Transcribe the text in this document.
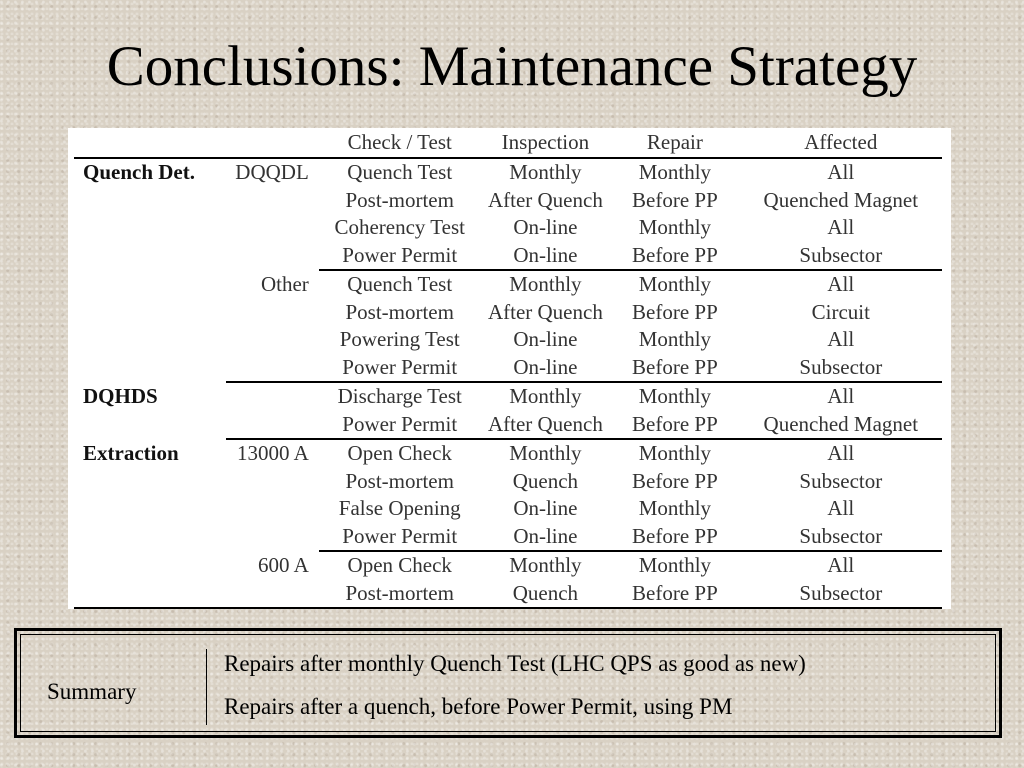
Conclusions: Maintenance Strategy
		Check / Test	Inspection	Repair	Affected
Quench Det.	DQQDL	Quench Test	Monthly	Monthly	All
		Post-mortem	After Quench	Before PP	Quenched Magnet
		Coherency Test	On-line	Monthly	All
		Power Permit	On-line	Before PP	Subsector
	Other	Quench Test	Monthly	Monthly	All
		Post-mortem	After Quench	Before PP	Circuit
		Powering Test	On-line	Monthly	All
		Power Permit	On-line	Before PP	Subsector
DQHDS		Discharge Test	Monthly	Monthly	All
		Power Permit	After Quench	Before PP	Quenched Magnet
Extraction	13000 A	Open Check	Monthly	Monthly	All
		Post-mortem	Quench	Before PP	Subsector
		False Opening	On-line	Monthly	All
		Power Permit	On-line	Before PP	Subsector
	600 A	Open Check	Monthly	Monthly	All
		Post-mortem	Quench	Before PP	Subsector
Summary
Repairs after monthly Quench Test (LHC QPS as good as new)
Repairs after a quench, before Power Permit, using PM
